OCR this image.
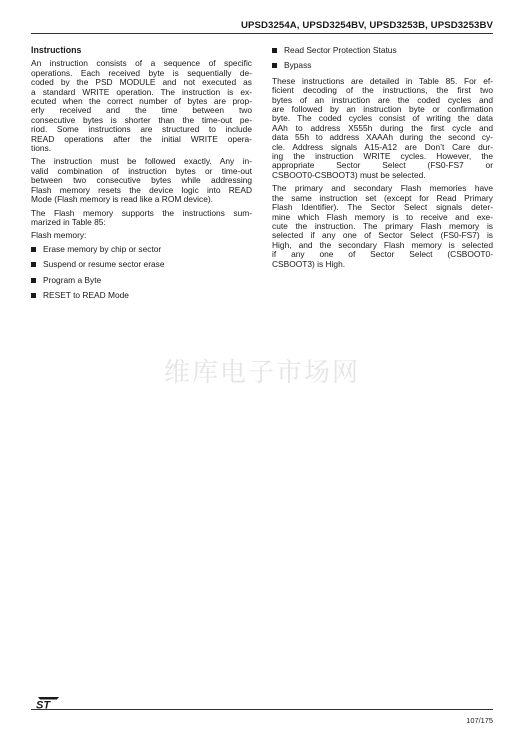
UPSD3254A, UPSD3254BV, UPSD3253B, UPSD3253BV
Instructions

An instruction consists of a sequence of specific
operations. Each received byte is sequentially de-
coded by the PSD MODULE and not executed as
a standard WRITE operation. The instruction is ex-
ecuted when the correct number of bytes are prop-
erly received and the time between two
consecutive bytes is shorter than the time-out pe-
riod. Some instructions are structured to include
READ operations after the initial WRITE opera-
tions.

The instruction must be followed exactly. Any in-
valid combination of instruction bytes or time-out
between two consecutive bytes while addressing
Flash memory resets the device logic into READ
Mode (Flash memory is read like a ROM device).

The Flash memory supports the instructions sum-
marized in Table 85:

Flash memory:

Erase memory by chip or sector
Suspend or resume sector erase
Program a Byte
RESET to READ Mode
Read Sector Protection Status
Bypass

These instructions are detailed in Table 85. For ef-
ficient decoding of the instructions, the first two
bytes of an instruction are the coded cycles and
are followed by an instruction byte or confirmation
byte. The coded cycles consist of writing the data
AAh to address X555h during the first cycle and
data 55h to address XAAAh during the second cy-
cle. Address signals A15-A12 are Don’t Care dur-
ing the instruction WRITE cycles. However, the
appropriate Sector Select (FS0-FS7 or
CSBOOT0-CSBOOT3) must be selected.

The primary and secondary Flash memories have
the same instruction set (except for Read Primary
Flash Identifier). The Sector Select signals deter-
mine which Flash memory is to receive and exe-
cute the instruction. The primary Flash memory is
selected if any one of Sector Select (FS0-FS7) is
High, and the secondary Flash memory is selected
if any one of Sector Select (CSBOOT0-
CSBOOT3) is High.

维库电子市场网
ST
107/175
